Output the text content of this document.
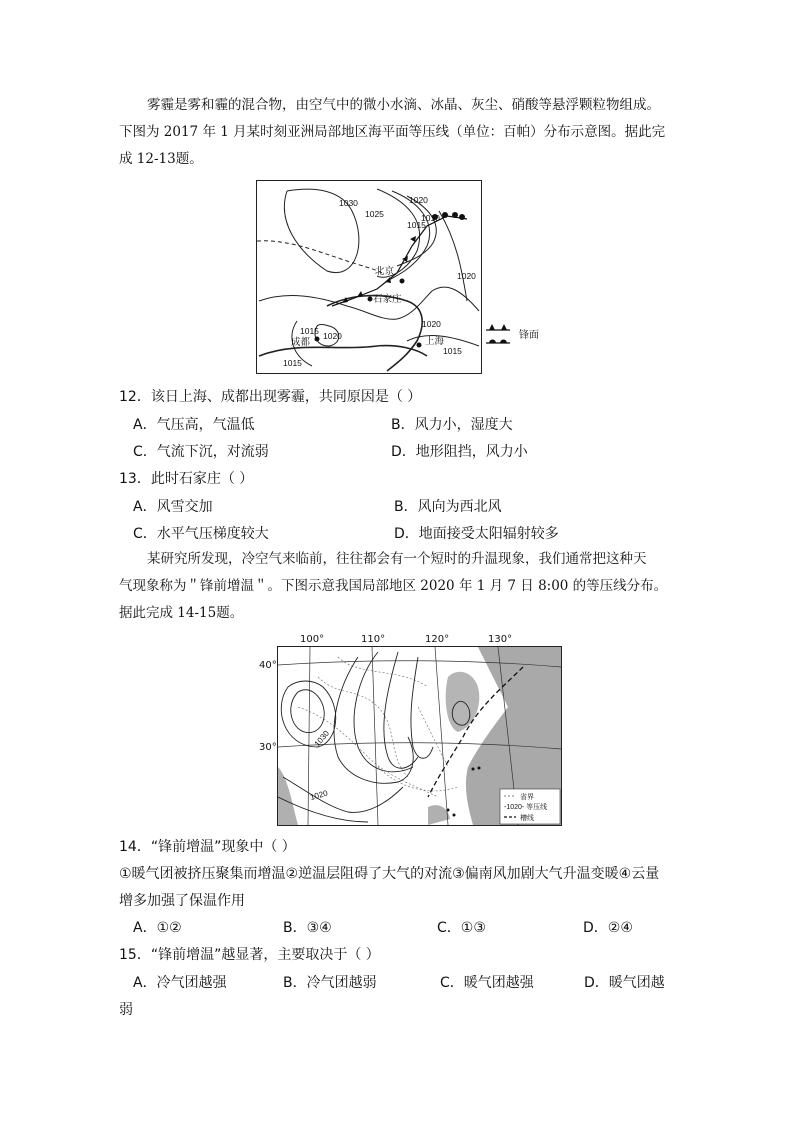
雾霾是雾和霾的混合物，由空气中的微小水滴、冰晶、灰尘、硝酸等悬浮颗粒物组成。
下图为 2017 年 1 月某时刻亚洲局部地区海平面等压线（单位：百帕）分布示意图。据此完
成 12-13题。
1030
1025
1020
1010
1015
1020
1020
1015
1020
1015
1015
北京
石家庄
成都	上海
锋面
12．该日上海、成都出现雾霾，共同原因是（ ）
A．气压高，气温低	B．风力小，湿度大
C．气流下沉，对流弱	D．地形阻挡，风力小
13．此时石家庄（ ）
A．风雪交加	B．风向为西北风
C．水平气压梯度较大	D．地面接受太阳辐射较多
某研究所发现，冷空气来临前，往往都会有一个短时的升温现象，我们通常把这种天
气现象称为＂锋前增温＂。下图示意我国局部地区 2020 年 1 月 7 日 8:00 的等压线分布。
据此完成 14-15题。
100°	110°	120°	130°
40°
30°	1030
1020	省界
-1020- 等压线
槽线
14．“锋前增温”现象中（ ）
①暖气团被挤压聚集而增温②逆温层阻碍了大气的对流③偏南风加剧大气升温变暖④云量
增多加强了保温作用
A．①②	B．③④	C．①③	D．②④
15．“锋前增温”越显著，主要取决于（ ）
A．冷气团越强	B．冷气团越弱	C．暖气团越强	D．暖气团越
弱
